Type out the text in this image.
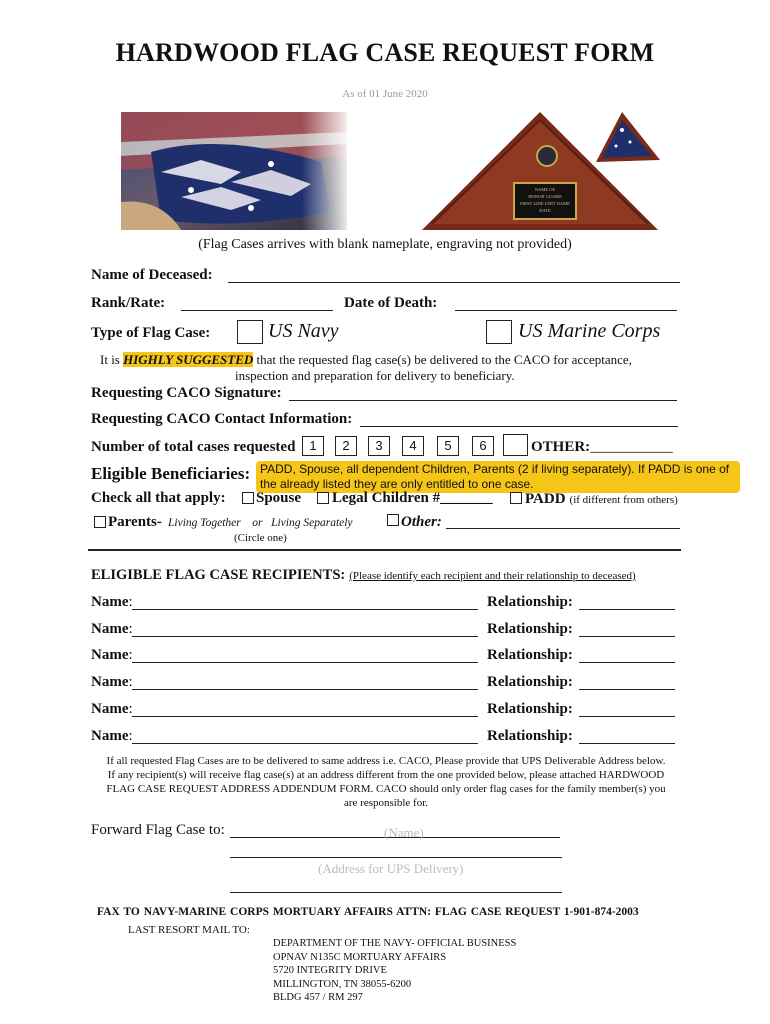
HARDWOOD FLAG CASE REQUEST FORM
As of 01 June 2020
NAME OF
HONOR GUARD
FIRST LINE UNIT NAME
DATE
(Flag Cases arrives with blank nameplate, engraving not provided)
Name of Deceased:
Rank/Rate:	Date of Death:
Type of Flag Case:	US Navy	US Marine Corps
It is HIGHLY SUGGESTED that the requested flag case(s) be delivered to the CACO for acceptance,
inspection and preparation for delivery to beneficiary.
Requesting CACO Signature:
Requesting CACO Contact Information:
Number of total cases requested	1	2	3	4	5	6	OTHER:___________
Eligible Beneficiaries: PADD, Spouse, all dependent Children, Parents (2 if living separately). If PADD is one of the already listed they are only entitled to one case.
Check all that apply: Spouse Legal Children #_______ PADD (if different from others)
Parents- Living Together or Living Separately
(Circle one)
Other:
ELIGIBLE FLAG CASE RECIPIENTS: (Please identify each recipient and their relationship to deceased)
Name:	Relationship:
Name:	Relationship:
Name:	Relationship:
Name:	Relationship:
Name:	Relationship:
Name:	Relationship:
If all requested Flag Cases are to be delivered to same address i.e. CACO, Please provide that UPS Deliverable Address below.
If any recipient(s) will receive flag case(s) at an address different from the one provided below, please attached HARDWOOD
FLAG CASE REQUEST ADDRESS ADDENDUM FORM. CACO should only order flag cases for the family member(s) you
are responsible for.
Forward Flag Case to:	(Name)
(Address for UPS Delivery)
FAX TO NAVY-MARINE CORPS MORTUARY AFFAIRS ATTN: FLAG CASE REQUEST 1-901-874-2003
LAST RESORT MAIL TO:
DEPARTMENT OF THE NAVY- OFFICIAL BUSINESS
OPNAV N135C MORTUARY AFFAIRS
5720 INTEGRITY DRIVE
MILLINGTON, TN 38055-6200
BLDG 457 / RM 297
